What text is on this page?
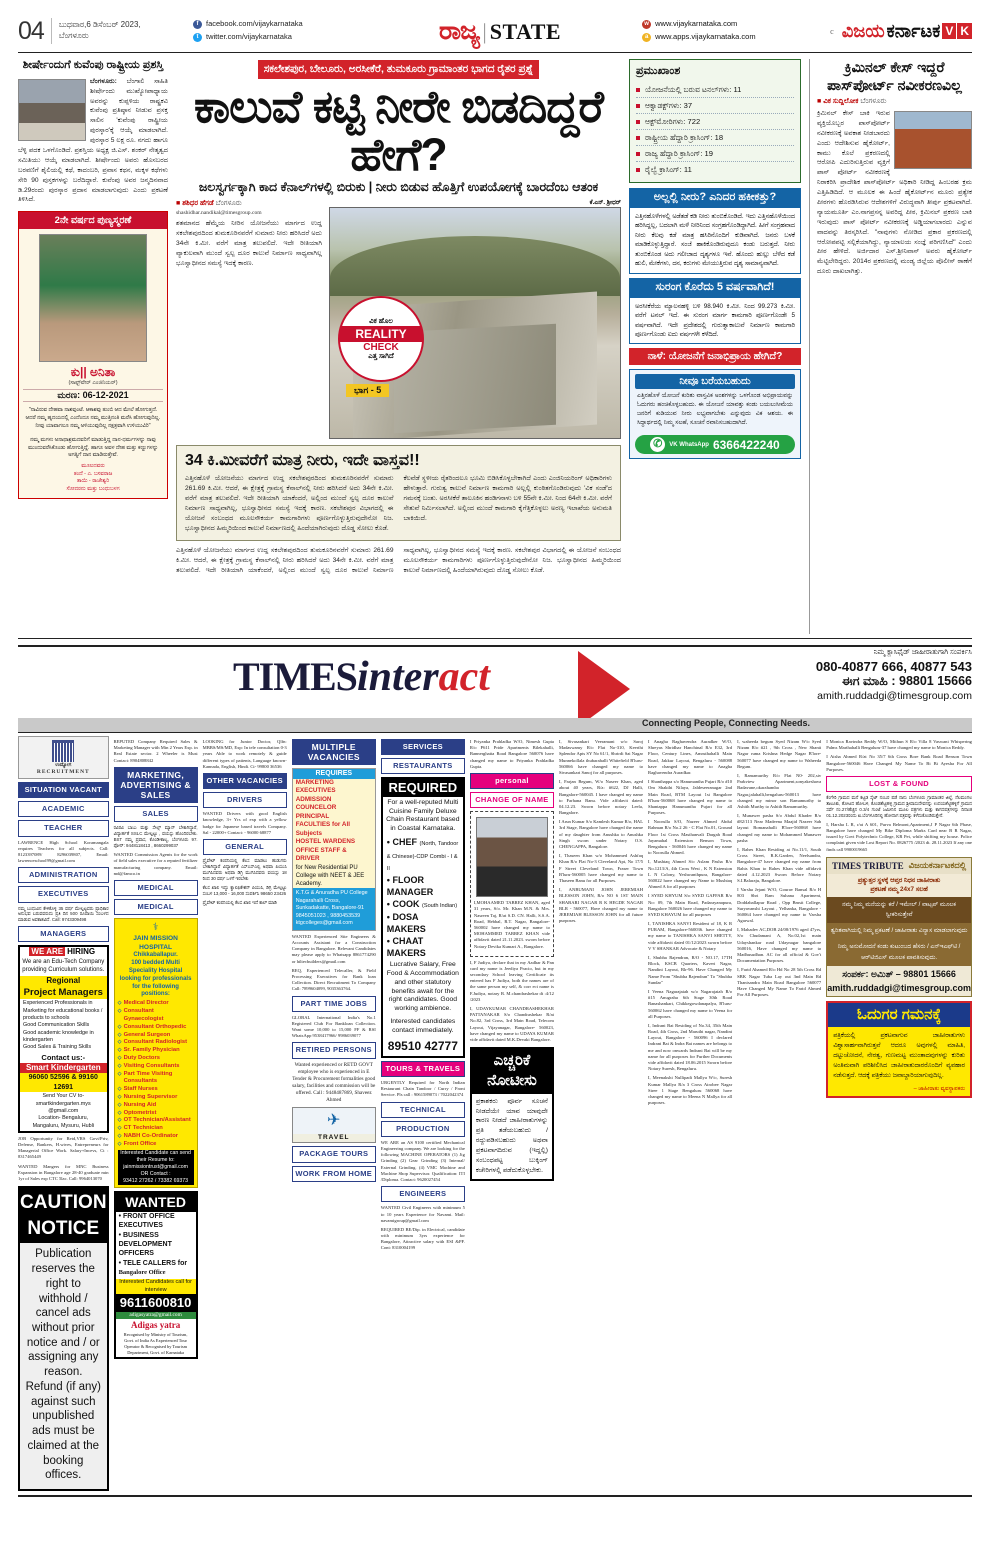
04 ಬುಧವಾರ,6 ಡಿಸೆಂಬರ್ 2023,
ಬೆಂಗಳೂರು
f	facebook.com/vijaykarnataka
t	twitter.com/vijaykarnataka	ರಾಜ್ಯ | STATE	w www.vijaykarnataka.com
a www.apps.vijaykarnataka.com
c ವಿಜಯ ಕರ್ನಾಟಕ V K
ಶೀರ್ಷೇಂದುಗೆ ಕುವೆಂಪು ರಾಷ್ಟ್ರೀಯ ಪ್ರಶಸ್ತಿ
ಬೆಂಗಳೂರು: ಬೆಂಗಾಲಿ ಸಾಹಿತಿ ಶೀರ್ಷೇಂದು ಮುಖ್ಯೋಪಾಧ್ಯಾಯ ಅವರನ್ನು ಕುಪ್ಪಳಿಯ ರಾಷ್ಟ್ರಕವಿ ಕುವೆಂಪು ಪ್ರತಿಷ್ಠಾನ ನೀಡುವ ಪ್ರಸಕ್ತ ಸಾಲಿನ 'ಕುವೆಂಪು ರಾಷ್ಟ್ರೀಯ ಪುರಸ್ಕಾರ'ಕ್ಕೆ ಆಯ್ಕೆ ಮಾಡಲಾಗಿದೆ. ಪುರಸ್ಕಾರ 5 ಲಕ್ಷ ರೂ. ನಗದು ಹಾಗೂ ಬೆಳ್ಳಿ ಪದಕ ಒಳಗೊಂಡಿದೆ. ಪ್ರಶಸ್ತಿಯ ಅಧ್ಯಕ್ಷ ಜಿ.ಎಸ್. ಶಂಕರ್ ನೇತೃತ್ವದ ಸಮಿತಿಯು ಆಯ್ಕೆ ಮಾಡಲಾಗಿದೆ. ಶೀರ್ಷೇಂದು ಅವರು ಹೊಸಬರದ ಬರವಣಿಗೆ ಶೈಲಿಯಲ್ಲಿ ಕಥೆ, ಕಾದಂಬರಿ, ಪ್ರವಾಸ ಕಥನ, ಮಕ್ಕಳ ಕಥೆಗಳು ಸೇರಿ 90 ಪುಸ್ತಕಗಳನ್ನು ಬರೆದಿದ್ದಾರೆ. ಕುವೆಂಪು ಅವರ ಜನ್ಮದಿನವಾದ ಡಿ.29ರಂದು ಪುರಸ್ಕಾರ ಪ್ರದಾನ ಮಾಡಲಾಗುವುದು ಎಂದು ಪ್ರಕಟಣೆ ತಿಳಿಸಿದೆ.
2ನೇ ವರ್ಷದ ಪುಣ್ಯಸ್ಮರಣೆ
ಕು|| ಅನಿತಾ
(ಸಾಫ್ಟ್‌ವೇರ್ ಎಂಜಿನಿಯರ್)
ಮರಣ: 06-12-2021
"ನಾವಿರುವ ದೇಹವಾ ನಾಶವುಂಟೆ. ಆಕಾಶವು ತುಂಬಿ ಆದ ಮೇಲೆ ಹೋಗುತ್ತದೆ. ಆದರೆ ನಮ್ಮ ಹೃದಯದಲ್ಲಿ ಎಂದೆಂದೂ ನಮ್ಮ ಮುತ್ತಿನಂತಿ ಮರೆಸಿ ಹೋಗುವುದಿಲ್ಲ. ನೀವು ಯಾವಾಗಲೂ ನಮ್ಮ ಅಳಿಯುವುದಿಲ್ಲ ನಕ್ಷತ್ರವಾಗಿ ಉಳಿಯುವಿರಿ"
ನಮ್ಮ ಮಗಳು ಅನಾಥಾಶ್ರಮದವರಿಗೆ ಮಾಡುತ್ತಿದ್ದ ದಾನ-ಧರ್ಮಗಳನ್ನು ನಾವು ಮುಂದುವರೆಸಿಕೊಂಡು ಹೋಗುತ್ತಿದ್ದೆ. ಹಾಗೂ ಅವಳ ದೇಹ ಮತ್ತು ಕಣ್ಣುಗಳನ್ನು ಅಗತ್ಯಿಗೆ ದಾನ ಮಾಡಿರುತ್ತೇವೆ.
ಮೂಲದವರು
ತಂದೆ - ಎ. ಬಸವರಾಜ
ತಾಯಿ - ರಾಜೇಶ್ವರಿ
ಸೋದರನು ಮತ್ತು ಬಂಧುಬಳಗ
ಸಕಲೇಶಪುರ, ಬೇಲೂರು, ಅರಸೀಕೆರೆ, ತುಮಕೂರು ಗ್ರಾಮಾಂತರ ಭಾಗದ ರೈತರ ಪ್ರಶ್ನೆ
ಕಾಲುವೆ ಕಟ್ಟಿ ನೀರೇ ಬಿಡದಿದ್ದರೆ ಹೇಗೆ?
ಜಲಸ್ವರ್ಗಕ್ಕಾಗಿ ಕಾದ ಕೆನಾಲ್‌ಗಳಲ್ಲಿ ಬಿರುಕು | ನೀರು ಬಿಡುವ ಹೊತ್ತಿಗೆ ಉಪಯೋಗಕ್ಕೆ ಬಾರದೆಂಬ ಆತಂಕ
■ ಶಶಿಧರ ಹೆಗಡೆ ಬೆಂಗಳೂರು
shashidhar.nandikal@timesgroup.com
ಶತಮಾನದ ಹೆಮ್ಮೆಯ ನೀರಿನ ಯೋಜನೆಯು ಮಾರ್ಗದ ಉದ್ದ ಸಕಲೇಶಪುರದಿಂದ ತುಮಕೂರಿನವರೆಗೆ ಸುಮಾರು ನೀರು ಹರಿಸಿದರೆ ಅದು 34ನೇ ಕಿ.ಮೀ. ವರೆಗೆ ಮಾತ್ರ ತಲುಪಲಿದೆ. ಇದೇ ರೀತಿಯಾಗಿ ವ್ಯಾಕುಲವಾಗಿ ಮುಂದೆ ಸ್ವಲ್ಪ ದೂರ ಕಾಲುವೆ ನಿರ್ಮಾಣ ಸಾಧ್ಯವಾಗಿಲ್ಲ ಭೂಸ್ವಾಧೀನದ ಸಮಸ್ಯೆ ಇದಕ್ಕೆ ಕಾರಣ.
ಕೆ.ಎನ್. ಶ್ರೀಧರ್
ವಿಕ ಹೊಲ
REALITY
CHECK
ಎತ್ತ ಸಾಗಿದೆ
ಭಾಗ - 5
34 ಕಿ.ಮೀವರೆಗೆ ಮಾತ್ರ ನೀರು, ಇದೇ ವಾಸ್ತವ!!
ಎತ್ತಿನಹೊಳೆ ಯೋಜನೆಯು ಮಾರ್ಗದ ಉದ್ದ ಸಕಲೇಶಪುರದಿಂದ ತುಮಕೂರಿನವರೆಗೆ ಸುಮಾರು 261.69 ಕಿ.ಮೀ. ಆದರೆ, ಈ ಕ್ಷೇತ್ರಕ್ಕೆ ಗ್ರಾಮಸ್ಥ ಕೆನಾಲ್‌ನಲ್ಲಿ ನೀರು ಹರಿಸಿದರೆ ಅದು 34ನೇ ಕಿ.ಮೀ. ವರೆಗೆ ಮಾತ್ರ ತಲುಪಲಿದೆ. ಇದೇ ರೀತಿಯಾಗಿ ಯಾಕೆಂದರೆ, ಅಲ್ಲಿಂದ ಮುಂದೆ ಸ್ವಲ್ಪ ದೂರ ಕಾಲುವೆ ನಿರ್ಮಾಣ ಸಾಧ್ಯವಾಗಿಲ್ಲ, ಭೂಸ್ವಾಧೀನದ ಸಮಸ್ಯೆ ಇದಕ್ಕೆ ಕಾರಣ. ಸಕಲೇಶಪುರ ವಿಭಾಗದಲ್ಲಿ ಈ ಯೋಜನೆ ಸಂಬಂಧದ ಮೂಲಸೌಕರ್ಯ ಕಾಮಗಾರಿಗಳು ಪೂರ್ಣಗೊಳ್ಳುತ್ತಿರುವುದೇನೋ ನಿಜ. ಭೂಸ್ವಾಧೀನದ ಹಿಮ್ಮರಿಯಿಂದ ಕಾಲುವೆ ನಿರ್ಮಾಣದಲ್ಲಿ ಹಿಂದೆಯಾಗಿರುವುದು ದೊಡ್ಡ ಸೋಲು ಕೊಡೆ.
ಕೆಲವೆಡೆ ಸ್ಥಳೀಯ ರೈತರಿಂದಲೂ ಭೂಮಿ ಬಿಡಿಸಿಕೊಳ್ಳಬೇಕಾಗಿದೆ ಎಂದು ಎಂಜಿನಿಯರಿಂಗ್ ಅಧಿಕಾರಿಗಳು ಹೇಳುತ್ತಾರೆ. ಗುರುತ್ವ ಕಾಲುವೆ ನಿರ್ಮಾಣ ಕಾಮಗಾರಿ ಅಲ್ಲಲ್ಲಿ ಕುಂಠಿತಗೊಂಡಿರುವುದು 'ವಿಕ ಸಂಡೆ'ದ ಗಮನಕ್ಕೆ ಬಂತು. ಅರಸೀಕೆರೆ ತಾಲೂಕಿನ ಹಂಡಿಗನಾಳು ಬಳಿ 55ನೇ ಕಿ.ಮೀ. ನಿಂದ 64ನೇ ಕಿ.ಮೀ. ವರೆಗೆ ಸೇತುವೆ ನಿರ್ಮಿಸಲಾಗಿದೆ. ಅಲ್ಲಿಂದ ಮುಂದೆ ಕಾಮಗಾರಿ ಕೈಗೆತ್ತಿಕೊಳ್ಳಲು ಅರಣ್ಯ ಇಲಾಖೆಯ ಅನುಮತಿ ಬಾಕಿಯಿದೆ.
ಎತ್ತಿನಹೊಳೆ ಯೋಜನೆಯು ಮಾರ್ಗದ ಉದ್ದ ಸಕಲೇಶಪುರದಿಂದ ತುಮಕೂರಿನವರೆಗೆ ಸುಮಾರು 261.69 ಕಿ.ಮೀ. ಆದರೆ, ಈ ಕ್ಷೇತ್ರಕ್ಕೆ ಗ್ರಾಮಸ್ಥ ಕೆನಾಲ್‌ನಲ್ಲಿ ನೀರು ಹರಿಸಿದರೆ ಅದು 34ನೇ ಕಿ.ಮೀ. ವರೆಗೆ ಮಾತ್ರ ತಲುಪಲಿದೆ. ಇದೇ ರೀತಿಯಾಗಿ ಯಾಕೆಂದರೆ, ಅಲ್ಲಿಂದ ಮುಂದೆ ಸ್ವಲ್ಪ ದೂರ ಕಾಲುವೆ ನಿರ್ಮಾಣ ಸಾಧ್ಯವಾಗಿಲ್ಲ, ಭೂಸ್ವಾಧೀನದ ಸಮಸ್ಯೆ ಇದಕ್ಕೆ ಕಾರಣ. ಸಕಲೇಶಪುರ ವಿಭಾಗದಲ್ಲಿ ಈ ಯೋಜನೆ ಸಂಬಂಧದ ಮೂಲಸೌಕರ್ಯ ಕಾಮಗಾರಿಗಳು ಪೂರ್ಣಗೊಳ್ಳುತ್ತಿರುವುದೇನೋ ನಿಜ. ಭೂಸ್ವಾಧೀನದ ಹಿಮ್ಮರಿಯಿಂದ ಕಾಲುವೆ ನಿರ್ಮಾಣದಲ್ಲಿ ಹಿಂದೆಯಾಗಿರುವುದು ದೊಡ್ಡ ಸೋಲು ಕೊಡೆ.
ಪ್ರಮುಖಾಂಶ
ಯೋಜನೆಯಲ್ಲಿ ಬರುವ ಟನಲ್‌ಗಳು: 11
ಆಕ್ವಾಡಕ್ಟ್‌ಗಳು: 37
ಆಕ್ಟ್‌ಮೋರಿಗಳು: 722
ರಾಷ್ಟ್ರೀಯ ಹೆದ್ದಾರಿ ಕ್ರಾಸಿಂಗ್: 18
ರಾಜ್ಯ ಹೆದ್ದಾರಿ ಕ್ರಾಸಿಂಗ್: 19
ರೈಲ್ವೆ ಕ್ರಾಸಿಂಗ್: 11
ಅಲ್ಲಲ್ಲಿ ನೀರು? ಎನಿದರ ಹಕೀಕತ್ತು?
ಎತ್ತಿನಹೊಳೆಗಳಲ್ಲಿ ಅಡೆತಡೆ ಕಡಿ ನೀರು ತುಂಬಿಕೊಂಡಿದೆ. ಇದು ಎತ್ತಿನಹೊಳೆಯಿಂದ ಹರಿಸಿದ್ದಲ್ಲ, ಬದಲಾಗಿ ಮಳೆ ನೀರಿನಿಂದ ಸಂಗ್ರಹಗೊಂಡಿದ್ದಾಗಿದೆ. ಹೀಗೆ ಸಂಗ್ರಹವಾದ ನೀರು ಕೆಲವು ಕಡೆ ಮಾತ್ರ ಹಸಿರಿನೊಂದಿಗೆ ಕುಡಿವಾಗಿದೆ. ಜನರು ಬಳಕೆ ಮಾಡಿಕೊಳ್ಳುತ್ತಿದ್ದಾರೆ. ಸಂಜೆ ಹಾಕಿಕೊಂಡಿರುವುದೂ ಕಂಡು ಬರುತ್ತದೆ. ನೀರು ತುಂಬಿಕೊಂಡ ಅದು ಗಲೀಜಾದ ದೃಶ್ಯಗಳೂ ಇವೆ. ಹೊಂದು ಹುಲ್ಲು ಬೆಳೆದ ಕಡೆ ಹುಲಿ, ಮೇಕೆಗಳು, ದನ, ಕರುಗಳು ಮೇಯುತ್ತಿರುವ ದೃಶ್ಯ ಸಾಮಾನ್ಯವಾಗಿದೆ.
ಸುರಂಗ ಕೊರೆದು 5 ವರ್ಷವಾಗಿದೆ!
ಅರಸೀಕೆರೆಯ ಮ್ಯಾಲನಹಳ್ಳಿ ಬಳಿ 98.940 ಕಿ.ಮೀ. ನಿಂದ 99.273 ಕಿ.ಮೀ. ವರೆಗೆ ಟನಲ್ ಇದೆ. ಈ ಸುರಂಗ ಮಾರ್ಗ ಕಾಮಗಾರಿ ಪೂರ್ಣಗೊಂಡೇ 5 ವರ್ಷವಾಗಿದೆ. ಇದೇ ಪ್ರದೇಶದಲ್ಲಿ ಗುರುತ್ವಾಕಾಲುವೆ ನಿರ್ಮಾಣ ಕಾಮಗಾರಿ ಪೂರ್ಣಗೊಂಡು ಐದು ವರ್ಷಗಳೇ ಕಳೆದಿದೆ.
ನಾಳೆ: ಯೋಜನೆಗೆ ಜನಾಭಿಪ್ರಾಯ ಹೇಗಿದೆ?
ನೀವೂ ಬರೆಯಬಹುದು
ಎತ್ತಿನಹೊಳೆ ಯೋಜನೆ ಕುರಿತು ವಾಸ್ತವಿಕ ಅಂಶಗಳನ್ನು ಒಳಗೊಂಡ ಅಭಿಪ್ರಾಯವನ್ನು ಓದುಗರು ಹಂಚಿಕೊಳ್ಳಬಹುದು. ಈ ಯೋಜನೆ ಯಾವತ್ತು ಕಂಡು ಬಯಲುಸೀಮೆಯ ಜನರಿಗೆ ಕುಡಿಯುವ ನೀರು ಲಭ್ಯವಾಗಬೇಕು ಎನ್ನುವುದು ವಿಕ ಆಶಯ. ಈ ಸಿದ್ಧಾರ್ಥದಲ್ಲಿ ನಿಮ್ಮ ಸಲಹೆ, ಸೂಚನೆ ರವಾನಿಸಬಹುದಾಗಿದೆ.
✆	VK WhatsApp 6366422240
ಕ್ರಿಮಿನಲ್ ಕೇಸ್ ಇದ್ದರೆ ಪಾಸ್‌ಪೋರ್ಟ್ ನವೀಕರಣವಿಲ್ಲ
■ ವಿಕ ಸುದ್ದಿಲೋಕ ಬೆಂಗಳೂರು
ಕ್ರಿಮಿನಲ್ ಕೇಸ್ ಬಾಕಿ ಇರುವ ವ್ಯಕ್ತಿಯೊಬ್ಬರ ಪಾಸ್‌ಪೋರ್ಟ್ ನವೀಕರಣಕ್ಕೆ ಅವಕಾಶ ನೀಡಬಾರದು ಎಂದು ಆದೇಶಿಸುವ ಹೈಕೋರ್ಟ್, ಕಾಮು ಕೊಲೆ ಪ್ರಕರಣದಲ್ಲಿ ಆರೋಪಿ ಎದುರಿಸುತ್ತಿರುವ ವ್ಯಕ್ತಿಗೆ ಪಾಸ್ ಪೋರ್ಟ್ ನವೀಕರಣಕ್ಕೆ ನಿರಾಕರಿಸಿ ಪ್ರಾದೇಶಿಕ ಪಾಸ್‌ಪೋರ್ಟ್ ಅಧಿಕಾರಿ ನೀಡಿದ್ದ ಹಿಂಬರಹ ಕ್ರಮ ಎತ್ತಿಹಿಡಿದಿದೆ. ಆ ಮೂಲಕ ಈ ಹಿಂದೆ ಹೈಕೋರ್ಟ್‌ನ ಮೂರು ಪ್ರತ್ಯೇಕ ಪೀಠಗಳು ಹೊರಡಿಸಿರುವ ಆದೇಶಗಳಿಗೆ ವಿರುದ್ಧವಾಗಿ ತೀರ್ಪು ಪ್ರಕಟವಾಗಿದೆ. ನ್ಯಾಯಮೂರ್ತಿ ಎಂ.ನಾಗಪ್ರಸನ್ನ ಅವರಿದ್ದ ಪೀಠ, ಕ್ರಿಮಿನಲ್ ಪ್ರಕರಣ ಬಾಕಿ ಇರುವುದು ಪಾಸ್ ಪೋರ್ಟ್ ನವೀಕರಣಕ್ಕೆ ಅಡ್ಡಿಯಾಗಲಾರದು ಎನ್ನುವ ವಾದವನ್ನು ತಿರಸ್ಕರಿಸಿದೆ. "ನಾವುಗಳು ನೋಡಿದ ಪ್ರಕಾರ ಪ್ರಕರಣದಲ್ಲಿ ಆರೋಪಪಟ್ಟಿ ಸಲ್ಲಿಕೆಯಾಗಿದ್ದು, ನ್ಯಾಯಾಲಯ ಸಂಜ್ಞೆ ಪರಿಗಣಿಸಿದೆ" ಎಂದು ಪೀಠ ಹೇಳಿದೆ. ಅರ್ಜಿದಾರ ಎಸ್.ಶ್ರೀನಿವಾಸ್ ಅವರು ಹೈಕೋರ್ಟ್ ಮೆಟ್ಟಿಲೇರಿದ್ದರು. 2014ರ ಪ್ರಕರಣದಲ್ಲಿ ಮಂಡ್ಯ ಜಿಲ್ಲೆಯ ಪೊಲೀಸ್ ಠಾಣೆಗೆ ದೂರು ದಾಖಲಾಗಿತ್ತು.
TIMESinteract
ನಿಮ್ಮ ಕ್ಲಾಸಿಫೈಡ್ ಜಾಹೀರಾತುಗಾಗಿ ಸಂಪರ್ಕಿಸಿ
080-40877 666, 40877 543
ಈಗ ಮಾಹಿ : 98801 15666
amith.ruddadgi@timesgroup.com
Connecting People, Connecting Needs.
ಉದ್ಯೋಗ
RECRUITMENT
SITUATION VACANT
ACADEMIC
TEACHER
LAWRENCE High School Koramangala requires Teachers for all subjects. Call: 8123397089/ 8296039807, Email: lawrenceschool99@gmail.com
ADMINISTRATION
EXECUTIVES
ನಮ್ಮ ಬಂಧುವಿನ ಕೇಳಿಕೊಳ್ಳಿ 35 ವರ್ಷ ಮೇಲ್ಪಟ್ಟವರು ಪ್ರಾಧಿಕಾರ ಅನುಭವ ಬರುವವರುದು ಪ್ರತಿ ದಿನ 500 ರೂಪಾಯಿ ಸಂಬಳದ ಮಾಡುವ ಅವಕಾಶವಿದೆ. Call: 9743309498
MANAGERS
WE ARE HIRING
We are an Edu-Tech Company providing Curriculum solutions.
Regional
Project Managers
Experienced Professionals in Marketing for educational books / products to schools
Good Communication Skills
Good academic knowledge in kindergarten
Good Sales & Training Skills
Contact us:-
Smart Kindergarten
96060 52596 & 99160 12691
Send Your CV to-
smartkindergarten.mys
@gmail.com
Location- Bengaluru,
Mangaluru, Mysuru, Hubli
JOB Opportunity for Retd,VRS Govt/Priv, Defense, Bankers, H.wives, Entrepreneurs for Managerial Office Work. Salary+Incevs, Ct : 8317465449
WANTED Mangers for MNC Business Expansion in Bangalore age 28-40 graduate min 1yr of Sales exp CTC 5lac. Call: 9964013070
CAUTION NOTICE
Publication reserves the right to withhold / cancel ads without prior notice and / or assigning any reason. Refund (if any) against such unpublished ads must be claimed at the booking offices.
REPUTED Company Required Sales & Marketing Manager with Min 2 Years Exp. in Real Estate sector. 2 Wheeler is Must Contact: 8904808842
MARKETING, ADVERTISING & SALES
SALES
ರವಿರವಿ ಬಾಬು ಮತ್ತು ಸೇಲ್ಸ್ ಮ್ಯಾನ್ ಬೇಕಾಗಿದ್ದಾರೆ, ವಿದ್ಯಾರ್ಹತೆ SSLC ಮೇಲ್ಪಟ್ಟು , ವಯಸ್ಸು ಹೊಂದಿರಬೇಕು. BST ನಮ್ಮ ಪ್ರವಾಸ, ಕೊಂಡೀಕಾಲ್ಯ, ಬೆಂಗಳೂರು 97. ಫೋನ್: 9448118413 , 8660299037
WANTED Commission Agents for the work of field sales executive for a reputed fertilizer manufacturing company. Email: md@famco.in
MEDICAL
MEDICAL
⚕
JAIN MISSION HOSPITAL
Chikkaballapur.
100 bedded Multi Speciality Hospital looking for professionals for the following positions:
◇ Medical Director
◇ Consultant Gynaecologist
◇ Consultant Orthopedic
◇ General Surgeon
◇ Consultant Radiologist
◇ Sr. Family Physician
◇ Duty Doctors
◇ Visiting Consultants
◇ Part Time Visiting Consultants
◇ Staff Nurses
◇ Nursing Supervisor
◇ Nursing Aid
◇ Optometrist
◇ OT Technician/Assistant
◇ CT Technician
◇ NABH Co-Ordinator
◇ Front Office
Interested Candidate can send their Resume to:
jainmissiontrust@gmail.com
OR Contact :
93412 27262 / 73382 69373
WANTED
• FRONT OFFICE EXECUTIVES
• BUSINESS DEVELOPMENT OFFICERS
• TELE CALLERS for
Bangalore Office
Interested Candidates call for interview
9611600810
adigasyatra@gmail.com
Adigas yatra
Recognised by Ministry of Tourism, Govt. of India As Experienced Tour Operator & Recognised by Tourism Department, Govt. of Karnataka
LOOKING for Junior Doctor, Qlfn: MBBS/MS/MD, Exp: In tele consultation 0-3 years Able to work remotely & guide different types of patients, Language known- Kannada, English, Hindi. Ct- 99800 36536
OTHER VACANCIES
DRIVERS
WANTED Drivers with good English knowledge, 3+ Yrs of exp with a yellow badge for Japanese based travels Company. Sal - 22000+ Contact: - 96000 68877
GENERAL
ಪ್ರೈವೇಟ್ ಕಂಪನಿಯಲ್ಲಿ ಕೆಲಸ ಮಾಡಲು ಹುಡುಗರು ಬೇಕಾಗಿದ್ದಾರೆ ವಿದ್ಯಾರ್ಹತೆ ಎಸ್ಎಸ್ಎಲ್ಸಿ ಅಥವಾ ಪಿಯುಸಿ ಮುಗಿಸಿದವರು ಅಥವಾ ಡಿಗ್ರಿ ಮುಗಿಸಿದವರು ವಯಸ್ಸು 18 ರಿಂದ 30 ವರ್ಷ ಒಳಗೆ ಇರಬೇಕು
ಕೆಲಸ ಖಾಲಿ ಇದ್ದು ಕ್ವಾಲಿಫಿಕೇಶನ್ ಪಿಯುಸಿ, ಡಿಗ್ರಿ ಮೇಲ್ಪಟ್ಟು ಸಂಬಳ 13,000 - 16,000 ಸಂಪರ್ಕಿಸಿ 98650 23426
ಪ್ರೈವೇಟ್ ಕಂಪನಿಯಲ್ಲಿ ಕೆಲಸ ಖಾಲಿ ಇದೆ ಕಾಲ್ ಮಾಡಿ
MULTIPLE VACANCIES
REQUIRES
MARKETING EXECUTIVES
ADMISSION COUNCELOR
PRINCIPAL
FACULTIES for All Subjects
HOSTEL WARDENS
OFFICE STAFF & DRIVER
for New Residential PU College with NEET & JEE Academy.
K.T.G & Anuradha PU College
Nagarahalli Cross,
Sunkadakatte, Bangalore-91
9845051023 , 9880453539
ktgcolleges@gmail.com
WANTED Experienced Site Engineers & Accounts Assistant for a Construction Company in Bangalore. Relevant Candidates may please apply to Whatsapp 8861774290 or hiltecbuilders@gmail.com
REQ, Experienced Telecaller, & Field Processing Executives for Bank loan Collection. Direct Recruitment To Company Call: 7899604099, 9035363764.
PART TIME JOBS
GLOBAL International India's No.1 Registered Club For Bankloan Collection. Want some 10,000 to 15,000 FF & RSI WhatsApp 9538417966/ 9986039077
RETIRED PERSONS
Wanted experienced or RETD GOVT employee who is experienced in E Tender & Procurement formalities good salary, facilities and commission will be offered. Call : 9448487869, Shaveez Ahmed
✈
TRAVEL
PACKAGE TOURS
WORK FROM HOME
SERVICES
RESTAURANTS
REQUIRED
For a well-reputed Multi Cuisine Family Deluxe Chain Restaurant based in Coastal Karnataka.
• CHEF (North, Tandoor & Chinese)-CDP Combi - I & II
• FLOOR MANAGER
• COOK (South Indian)
• DOSA MAKERS
• CHAAT MAKERS
Lucrative Salary, Free Food & Accommodation and other statutory benefits await for the right candidates. Good working ambience.
Interested candidates contact immediately.
89510 42777
TOURS & TRAVELS
URGENTLY Required for North Indian Restaurant Chain Tandoor / Curry / Front Service. Pls call : 9061589073 / 7022042374
TECHNICAL
PRODUCTION
WE ARE an AS 9100 certified Mechanical Engineering company. We are looking for the following MACHINE OPERATORS (1) Jig Grinding (2) Gear Grinding (3) Internal/ External Grinding. (4) VMC Machine and Machine Shop Supervisor. Qualification: ITI /Diploma. Contact: 9620027454
ENGINEERS
WANTED Civil Engineers with minimum 5 to 10 years Experience for Navami. Mail: navamigroup@gmail.com
REQUIRED BE/Dip. in Electrical, candidate with minimum 3yrs experience for Bangalore, Attractive salary with ESI &PF. Cont: 8310004199
I Priyanka Prahladka W/O, Nimesh Gupta R/o P611 Pride Apartments Bilekahalli, Bannerghatta Road Bangalore 560076 have changed my name to Priyanka Prahladka Gupta.
personal
CHANGE OF NAME
I,MOHAAMED TABREZ KHAN, aged 31 years, S/o. Mr. Khan M.N. & Mrs. Nasreen Taj, R/at S.D. CN. Halli, S.S.A. Road, Hebbal, R.T. Nagar, Bangalore- 560002 have changed my name to MOHAMMED TABREZ KHAN vide affidavit dated 21.11.2023. sworn before Notary Devika Kumari A., Bangalore.
I, F Judiya, declare that in my Aadhar & Pan card my name is Jeediya Pracio, but in my secondary School leaving Certificate its entered has F Judiya, both the names are of the same person my self, & corr ect name is F.Judiya, notary B. M.chandrashekar dt :4/12 /2023
I, UDAYKUMAR CHANDRASHEKHAR PATTANAKAR S/o Chandrashekar R/at No.82, 3rd Cross, 3rd Main Road, Telecom Layout, Vijayanagar, Bangalore- 560023, have changed my name to UDAYA KUMAR vide affidavit dated M.K.Devaki Bangalore.
ಎಚ್ಚರಿಕೆ ನೋಟೀಸು
ಪ್ರಕಾಶಕರು ಪೂರ್ವ ಸೂಚನೆ ನೀಡದೆಯೇ ಯಾವ ಯಾವುದೇ ಕಾರಣ ನೀಡದೆ ಜಾಹೀರಾತುಗಳನ್ನು ಪ್ರತಿ ತಡೆಯಬಹುದು / ರದ್ದುಪಡಿಸಬಹುದು ಅಥವಾ ಪ್ರಕಟವಾಗದಿರುವ (ಇದ್ದಲ್ಲಿ) ಸಂಬಂಧಪಟ್ಟ ಬುಕ್ಕಿಂಗ್ ಕಚೇರಿಗಳಲ್ಲಿ ಪಡೆದುಕೊಳ್ಳಬೇಕು.
I, Sivasankari Veeramani w/o Saroj Madaswamy R/o Flat No-310, Keerthi Splendor Apts SY No 61/1, Shrirdi Sai Nagar Munnekollala thubarahalli Whitefield B'luru-560066 have changed my name to Sivasankari Sanoj for all purposes.
I, Farjan Begum, W/o Naseer Khan, aged about 40 years, R/a: #622, DJ Halli, Bangalore-560045. I have changed my name to Farhana Banu. Vide affidavit dated: 04.12.23. Sworn before notary Leela, Bangalore.
I Arun Kumar S/o Kamlesh Kumar R/o, HAL 3rd Stage, Bangalore have changed the name of my daughter from Anushka to Anushka Singh sworn under Notary O.S. CHENGAPPA, Bangalore.
I, Thaseen Khan w/o Mohammed Ashfaq Khan R/o Flat No-3 Cleveland Apt, No 17/5 F Street Cleveland Town, Fraser Town B'luru-560005 have changed my name to Thaseen Banu for all Purposes.
I, ANBUMANI JOHN JEREMIAH BLESSON JOHN, R/o NO 6 1ST MAIN SHABARI NAGAR R K HEGDE NAGAR BLR - 560077, Have changed my name to JEREMIAH BLESSON JOHN for all future purposes.
I Anagha Raghavendra Auradker W/O, Shreyas Shridhar Hanchinal R/o E32, 3rd Floor, Century Lines, Amruthahalli Main Road, Jakkur Layout, Bengaluru - 560088 have changed my name to Anagha Raghavendra Auradkar.
I Shanthappa s/o Hanumantha Pujari R/o #10 Om Shakthi Nilaya, Jaldeseeranagar 2nd Main Road, BTM Layout 1st Bangalore B'luru-560068 have changed my name to Shantappa Hanumantha Pujari for all Purposes.
I Noorulla S/O, Nazeer Ahmed Abdul Rahman R/o No.2 26 - C Flat No.01, Ground Floor 1st Cross Masthanvali Dargah Road Jayamahal Extension Benson Town, Bengaluru - 560046 have changed my name to Noorulla Ahmed.
I, Mushtaq Ahmed S/o Aslam Pasha R/o No.1213/A, 4th Cross West , K N Extension L N Colony, Yeshwanthpura, Bangalore- 560022 have changed my Name to Mushtaq Ahmed A for all purposes
I SYED KHYUM S/o SYED GAFFAR R/o No: 09, 7th Main Road, Padarayanapura, Bangalore 560026 have changed my name to SYED KHAYUM for all purposes
I, TANISHKA SANVI Resident of 18, K R PURAM, Bangalore-560036. have changed my name to TANISHKA SANVI SHETTY, vide affidavit dated 01/12/2023 sworn before V V SHANKAR Advocate & Notary
I, Shubha Rajendran, R/O - NO.17, 17TH Block, KSCB Quarters, Kaveri Nagar, Nandini Layout, Blr-96. Have Changed My Name From "Shubha Rajendran" To "Shubha Sundar"
I Veena Nagarajaiah w/o Nagarajaiah R/o #15 Anugraha 6th Stage 30th Road Banashankari, Chikkegowdanapalya, B'luru-560062 have changed my name to Veena for all Purposes.
I, Indrani Bai Residing of No.34, 35th Main Road, 4th Cross, 2nd Maruthi nagar, Nandini Layout, Bangalore - 560096 I declared Indrani Bai & Indra Bai names are belongs to me and now onwards Indrani Bai will be my name for all purposes for Further Documents vide affidavit dated 18.06.2015 Sworn before Notary Suresh, Bengaluru.
I, Meenakshi Nullipadi Mallya W/o, Suresh Kumar Mallya R/a 3 Cross Airobee Nagar Stree 1 Stage Bengaluru 560068 have changed my name to Meena N Mallya for all purposes.
I, waheeda begum Syed Nizam W/o Syed Nizam R/o #21 , 9th Cross , New Shanti Nagar ruma Krishna Hedge Nagar B'lore-560077 have changed my name to Waheeda Begum.
I, Ramamurthy R/o Flat N0- 202,siv Parkview Apartment,sonyakeshava Badavane,okarahamba Nagar,jalahalli,bengaluru-560013 have changed my minor son Ramamurthy to Ashith Murthy to Ashith Ramamurthy.
I, Munawer pasha S/o Abdul Khader R/o #82/113 Near Madeena Maajid Nazeer Sab layout Bomanahalli B'lore-560068 have changed my name to Mohammed Munawer pasha
I, Rahes Khan Residing at No.11/1, South Cross Street, R.K.Garden, Neelsandra, Bangalore-47 have changed my name from Rahis Khan to Rahes Khan vide affidavit dated 4.12.2023 Sworn Before Notary S.I.Balaraju, Bangalore.
I Varsha Jejani W/O, Gourav Bansal R/o H 803 Shri Ram Suhana Apartment, Doddaballapur Road , Opp Bmsit College, Suryavanshi Layout , Yelhanka, Bangalore - 560064 have changed my name to Varsha Agarwal.
I, Mahadev AC,DOB 24/08/1976 aged 47yrs, S/o Chudamani A, No.02,1st main Udayshankar road Udaynagar bangalore 560016, Have changed my name to Madhusudhan. AC for all official & Gov't Documentation Purposes.
I, Farid Ahamed R/o Hd No 28 5th Cross Rd SBK Nagar Tuba Lay out 3nd Main Rd Thanisandra Main Road Bangalore 560077 Have Changed My Name To Farid Ahmed For All Purposes.
I Monica Ravindra Reddy W/O, Mithun S R/o Villa 8 Vaswani Whispering Palms Marthahalli Bengaluru-37 have changed my name to Monica Reddy.
I Aisha Ahmed R/at No 35/7 6th Cross Bore Bank Road Benson Town Bangalore-560046 Have Changed My Name To Bi Bi Ayesha For All Purposes.
LOST & FOUND
ಕೆಂಗೇರಿ ಗ್ರಾಮದ ಮನೆ ಕಟ್ಟಡ ಸೈಟ್ ನಂಬರ ಪಡೆ ನಾನು ಬೆಂಗಳೂರು ಗ್ರಾಮಾಂತರ ಜಿಲ್ಲೆ, ನೆಲಮಂಗಲ ತಾಲೂಕು, ತೋಟದ ಹೋಬಳಿ, ಕೊಂಡಶೆಟ್ಟಹಳ್ಳಿ ಗ್ರಾಮದ ಶ್ರೀವಾಸುದೇವನನ್ನು ಉದಯಶೆಟ್ಟಿಹಳ್ಳಿಗೆ ಗ್ರಾಮದ ಸರ್ವೆ ನಂ.27/ಹೆಚ್ಚಿನ 0.3/4 ಗುಂಟೆ ಜಮೀನಿನ ಮೂಲ ಪತ್ರಗಳು ಮತ್ತು ಕಾಗದಪತ್ರಗಳನ್ನು ದಿನಾಂಕ 01.12.2023ರಂದು ಖ.ಬೆಂಗಳೂರಿನಲ್ಲಿ ಹೋದಾಗ ಪತ್ರವನ್ನು ಕಳೆದುಕೊಂಡಿರುತ್ತೇನೆ.
I, Harsha L R, r/at A 601, Purva Belmont,Apartment,J P Nagar 6th Phase, Bangalore have changed My Bike Diploma Marks Card near B R Nagar, issued by Govt Polytechnic College, KR Pet, while shifting my house. Police complaint given vide Lost Report No. 0826775 /2023 dt. 28.11.2023 If any one finds call 9900019665
TIMES TRIBUTE ವಿಜಯಕರ್ನಾಟಕದಲ್ಲಿ
ಪ್ರತ್ಯುತ್ತರ ಸ್ಥಳಕ್ಕೆ ಆಪ್ತರ ನಿಧನ ಜಾಹೀರಾತು
ಪ್ರಕಟಣೆ ನಮ್ಮ 24x7 ಸಲಹೆ
ನಮ್ಮ ನಿಮ್ಮ ಮನೆಯನ್ನು ಕರೆ / ಇಮೇಲ್ / ವಾಟ್ಸಪ್ ಮೂಲಕ ಸ್ವೀಕರಿಸುತ್ತೇವೆ
ತ್ವರಿತವಾಗಿಯಲ್ಲಿ ನಿಮ್ಮ ಪ್ರಕಟಣೆ / ಜಾಹೀರಾತು ವಿನ್ಯಾಸ ಮಾಡಲಾಗುವುದು
ನಿಮ್ಮ ಅನುಮೋದನೆ ಕಂಡು ಕುಟುಂಬದ ಹೆಸರು / ಎನ್‌ಇಎಫ್‌ಟಿ / ಆರ್‌ಟಿಜಿಎಸ್ ಮೂಲಕ ಪಾವತಿಸುವುದು.
ಸಂಪರ್ಕ: ಅಮಿತ್ – 98801 15666
amith.ruddadgi@timesgroup.com
ಓದುಗರ ಗಮನಕ್ಕೆ
ಪತ್ರಿಕೆಯಲ್ಲಿ ಪ್ರಕಟವಾಗುವ ಜಾಹೀರಾತುಗಳು ವಿಶ್ವಾಸಾರ್ಹವಾಗಿರುತ್ತವೆ ಆದರೂ ಅವುಗಳಲ್ಲಿ ಮಾಹಿತಿ, ದಟ್ಟುಚೋದನೆ, ನೇರತ್ವ, ಗುಣಮಟ್ಟ ಮುಂತಾದವುಗಳನ್ನು ಕುರಿತು ಅಂತಿಮವಾಗಿ ಪರಿಶೀಲಿಸಿದ ಜಾಹೀರಾತುದಾರರೊಂದಿಗೆ ವ್ಯವಹಾರ ನಡೆಸುತ್ತದೆ. ಆದಕ್ಕೆ ಪತ್ರಿಕೆಯು ಜವಾಬ್ದಾರಿಯಾಗುವುದಿಲ್ಲ.
– ಜಾಹೀರಾತು ವ್ಯವಸ್ಥಾಪಕರು
